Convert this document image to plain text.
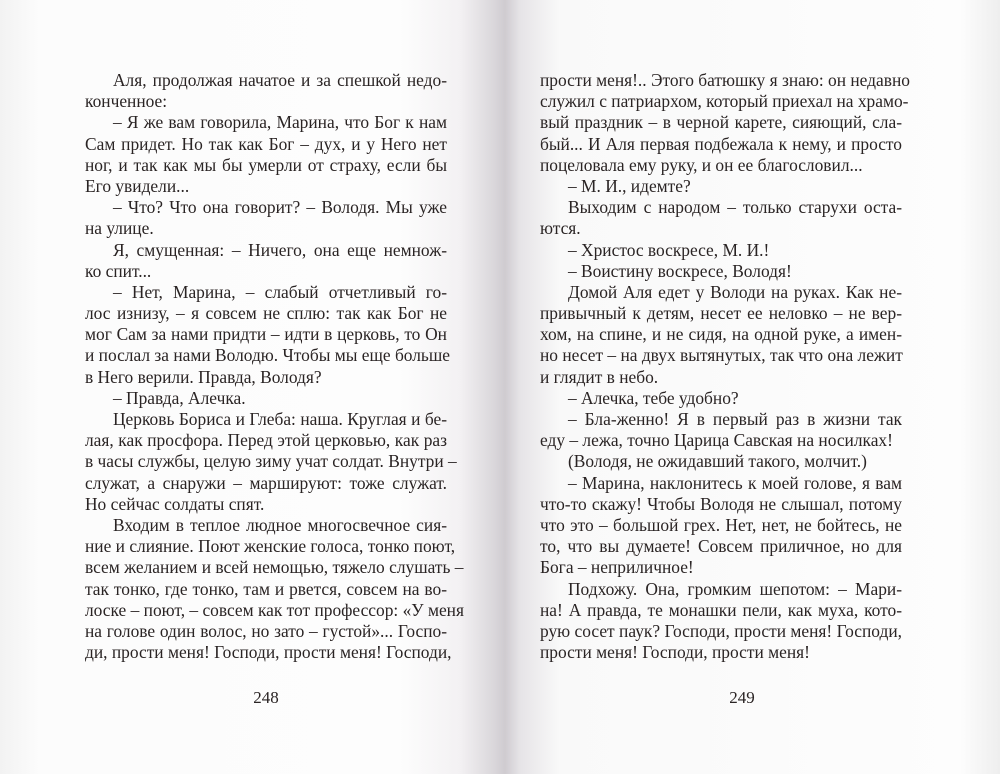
Аля, продолжая начатое и за спешкой недо-
конченное:
– Я же вам говорила, Марина, что Бог к нам
Сам придет. Но так как Бог – дух, и у Него нет
ног, и так как мы бы умерли от страху, если бы
Его увидели...
– Что? Что она говорит? – Володя. Мы уже
на улице.
Я, смущенная: – Ничего, она еще немнож-
ко спит...
– Нет, Марина, – слабый отчетливый го-
лос изнизу, – я совсем не сплю: так как Бог не
мог Сам за нами придти – идти в церковь, то Он
и послал за нами Володю. Чтобы мы еще больше
в Него верили. Правда, Володя?
– Правда, Алечка.
Церковь Бориса и Глеба: наша. Круглая и бе-
лая, как просфора. Перед этой церковью, как раз
в часы службы, целую зиму учат солдат. Внутри –
служат, а снаружи – маршируют: тоже служат.
Но сейчас солдаты спят.
Входим в теплое людное многосвечное сия-
ние и слияние. Поют женские голоса, тонко поют,
всем желанием и всей немощью, тяжело слушать –
так тонко, где тонко, там и рвется, совсем на во-
лоске – поют, – совсем как тот профессор: «У меня
на голове один волос, но зато – густой»... Госпо-
ди, прости меня! Господи, прости меня! Господи,
прости меня!.. Этого батюшку я знаю: он недавно
служил с патриархом, который приехал на храмо-
вый праздник – в черной карете, сияющий, сла-
бый... И Аля первая подбежала к нему, и просто
поцеловала ему руку, и он ее благословил...
– М. И., идемте?
Выходим с народом – только старухи оста-
ются.
– Христос воскресе, М. И.!
– Воистину воскресе, Володя!
Домой Аля едет у Володи на руках. Как не-
привычный к детям, несет ее неловко – не вер-
хом, на спине, и не сидя, на одной руке, а имен-
но несет – на двух вытянутых, так что она лежит
и глядит в небо.
– Алечка, тебе удобно?
– Бла-женно! Я в первый раз в жизни так
еду – лежа, точно Царица Савская на носилках!
(Володя, не ожидавший такого, молчит.)
– Марина, наклонитесь к моей голове, я вам
что-то скажу! Чтобы Володя не слышал, потому
что это – большой грех. Нет, нет, не бойтесь, не
то, что вы думаете! Совсем приличное, но для
Бога – неприличное!
Подхожу. Она, громким шепотом: – Мари-
на! А правда, те монашки пели, как муха, кото-
рую сосет паук? Господи, прости меня! Господи,
прости меня! Господи, прости меня!
248	249
